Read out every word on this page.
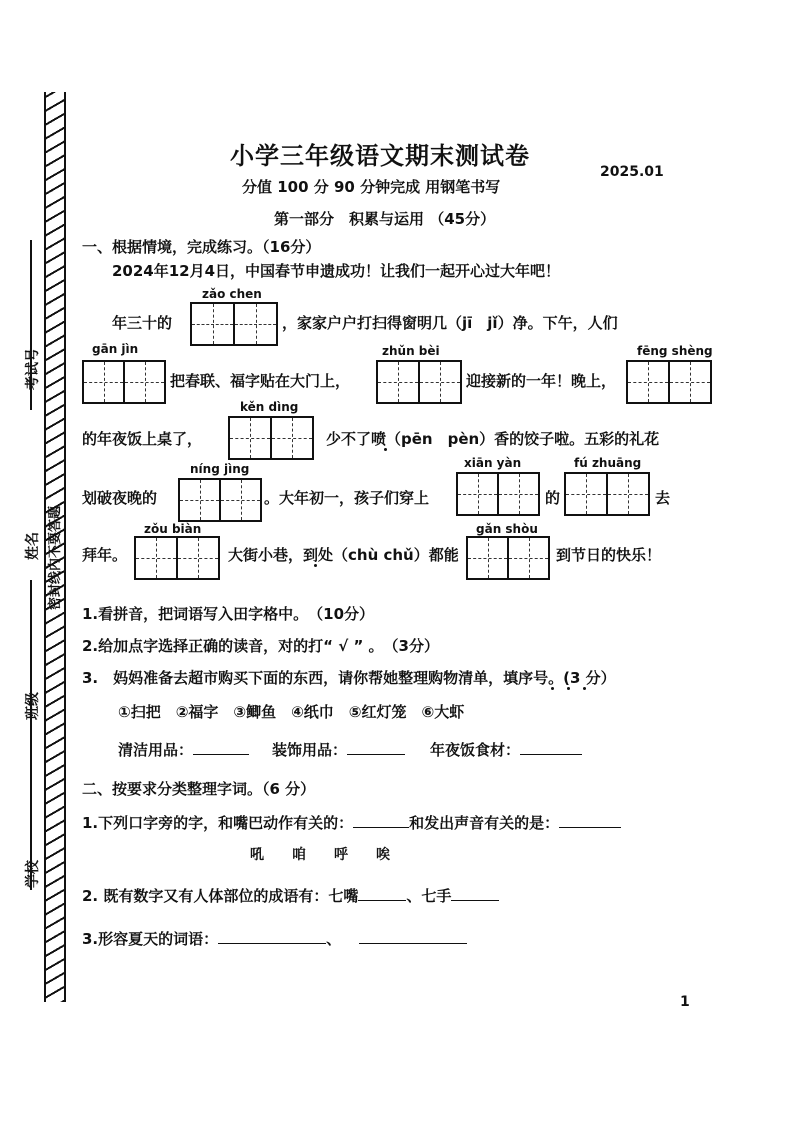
考试号
姓名 密封线内不要答题
班级
学校
小学三年级语文期末测试卷
2025.01
分值 100 分 90 分钟完成 用钢笔书写
第一部分　积累与运用 （45分）
一、根据情境，完成练习。（16分）
2024年12月4日，中国春节申遗成功！让我们一起开心过大年吧！
zǎo chen
年三十的	，家家户户打扫得窗明几（jī　jǐ）净。下午，人们
gān jìn
把春联、福字贴在大门上，
zhǔn bèi
迎接新的一年！晚上，
fēng shèng
kěn dìng
的年夜饭上桌了，	少不了喷（pēn　pèn）香的饺子啦。五彩的礼花
níng jìng
划破夜晚的	。大年初一，孩子们穿上
xiān yàn
的
fú zhuāng
去
zǒu biàn
拜年。	大街小巷，到处（chù chǔ）都能
gǎn shòu
到节日的快乐！
1.看拼音，把词语写入田字格中。　（10分）
2.给加点字选择正确的读音，对的打“ √ ” 。　（3分）
3.　妈妈准备去超市购买下面的东西，请你帮她整理购物清单，填序号。(3 分）
①扫把　②福字　③鲫鱼　④纸巾　⑤红灯笼　⑥大虾
清洁用品：	装饰用品：	年夜饭食材：
二、按要求分类整理字词。（6 分）
1.下列口字旁的字，和嘴巴动作有关的：	和发出声音有关的是：
吼　　咱　　呼　　唉
2. 既有数字又有人体部位的成语有：七嘴	、七手
3.形容夏天的词语：	、
1
